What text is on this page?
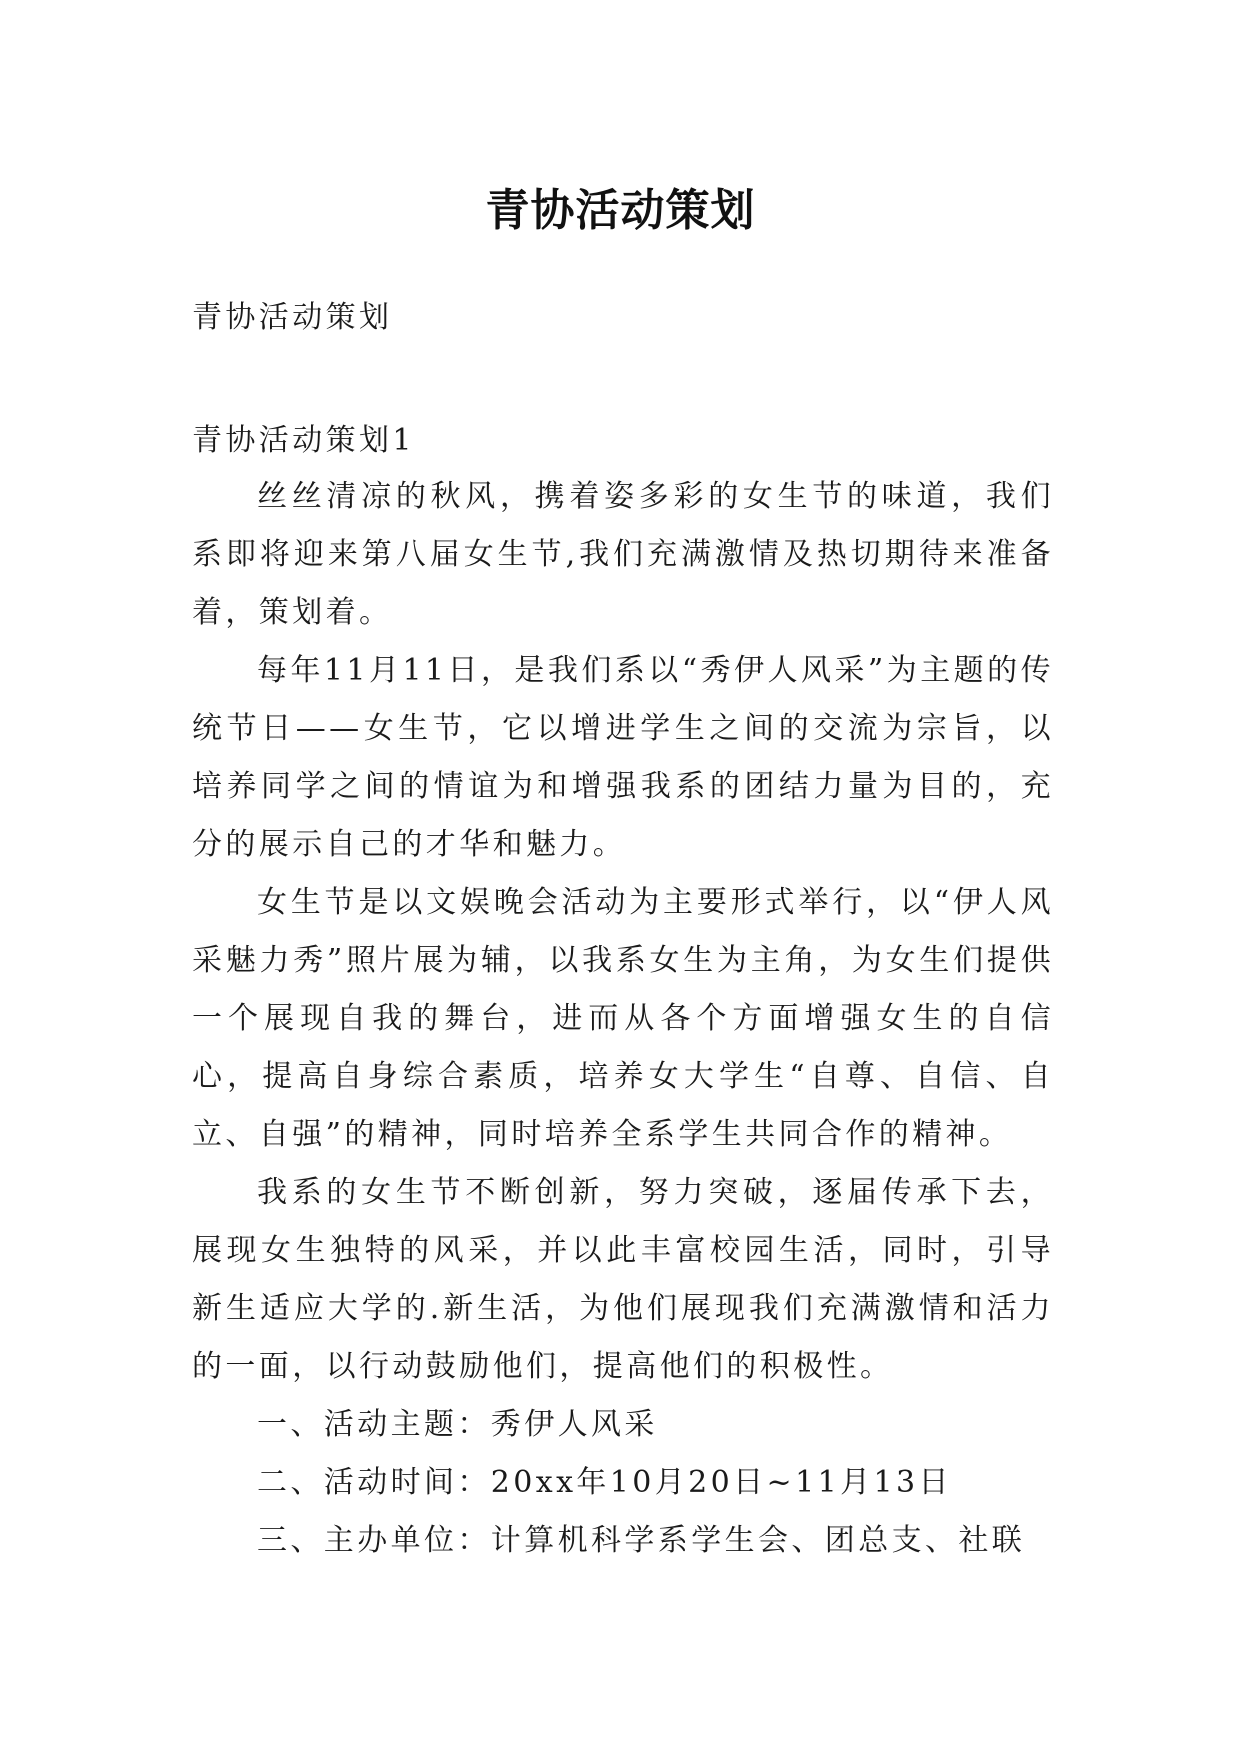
青协活动策划

青协活动策划

青协活动策划1

丝丝清凉的秋风，携着姿多彩的女生节的味道，我们系即将迎来第八届女生节,我们充满激情及热切期待来准备着，策划着。

每年11月11日，是我们系以“秀伊人风采”为主题的传统节日——女生节，它以增进学生之间的交流为宗旨，以培养同学之间的情谊为和增强我系的团结力量为目的，充分的展示自己的才华和魅力。

女生节是以文娱晚会活动为主要形式举行，以“伊人风采魅力秀”照片展为辅，以我系女生为主角，为女生们提供一个展现自我的舞台，进而从各个方面增强女生的自信心，提高自身综合素质，培养女大学生“自尊、自信、自立、自强”的精神，同时培养全系学生共同合作的精神。

我系的女生节不断创新，努力突破，逐届传承下去，展现女生独特的风采，并以此丰富校园生活，同时，引导新生适应大学的.新生活，为他们展现我们充满激情和活力的一面，以行动鼓励他们，提高他们的积极性。

一、活动主题：秀伊人风采

二、活动时间：20xx年10月20日~11月13日

三、主办单位：计算机科学系学生会、团总支、社联
